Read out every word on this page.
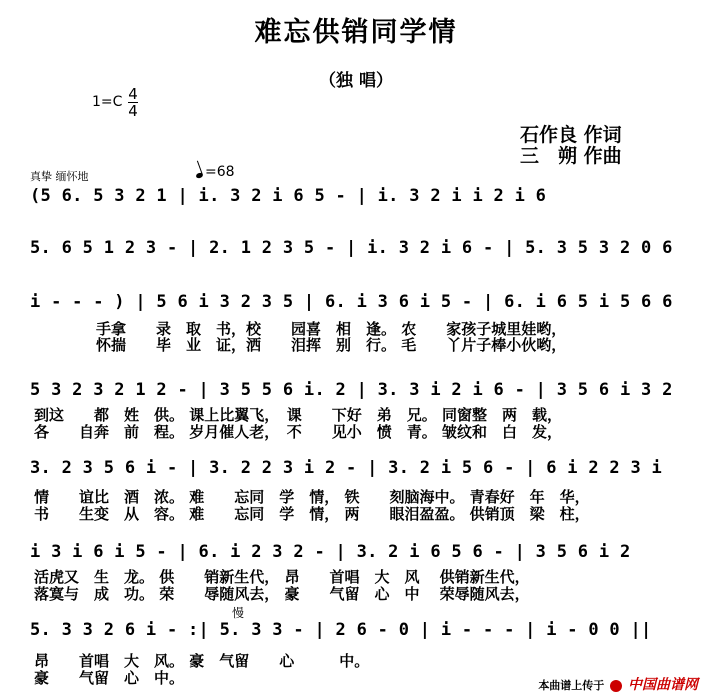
难忘供销同学情
（独 唱）
1=C 4
4
石作良 作词
三　朔 作曲
真挚 缅怀地	=68
(5 6. 5 3 2 1 | i. 3 2 i 6 5 - | i. 3 2 i i 2 i 6
5. 6 5 1 2 3 - | 2. 1 2 3 5 - | i. 3 2 i 6 - | 5. 3 5 3 2 0 6
i - - - ) | 5 6 i 3 2 3 5 | 6. i 3 6 i 5 - | 6. i 6 5 i 5 6 6
手拿　　录　取　书，校　　园喜　相　逢。 农　　家孩子城里娃哟，
怀揣　　毕　业　证，洒　　泪挥　别　行。 毛　　丫片子棒小伙哟，
5 3 2 3 2 1 2 - | 3 5 5 6 i. 2 | 3. 3 i 2 i 6 - | 3 5 6 i 3 2
到这　　都　姓　供。 课上比翼飞，　课　　下好　弟　兄。 同窗整　两　载，
各　　自奔　前　程。 岁月催人老，　不　　见小　愤　青。 皱纹和　白　发，
3. 2 3 5 6 i - | 3. 2 2 3 i 2 - | 3. 2 i 5 6 - | 6 i 2 2 3 i
情　　谊比　酒　浓。 难　　忘同　学　情， 铁　　刻脑海中。 青春好　年　华，
书　　生变　从　容。 难　　忘同　学　情， 两　　眼泪盈盈。 供销顶　梁　柱，
i 3 i 6 i 5 - | 6. i 2 3 2 - | 3. 2 i 6 5 6 - | 3 5 6 i 2
活虎又　生　龙。 供　　销新生代， 昂　　首唱　大　风　 供销新生代，
落寞与　成　功。 荣　　辱随风去， 豪　　气留　心　中　 荣辱随风去，
慢
5. 3 3 2 6 i - :| 5. 3 3 - | 2 6 - 0 | i - - - | i - 0 0 ||
昂　　首唱　大　风。 豪　气留　　心　　　中。
豪　　气留　心　中。	本曲谱上传于 中国曲谱网
